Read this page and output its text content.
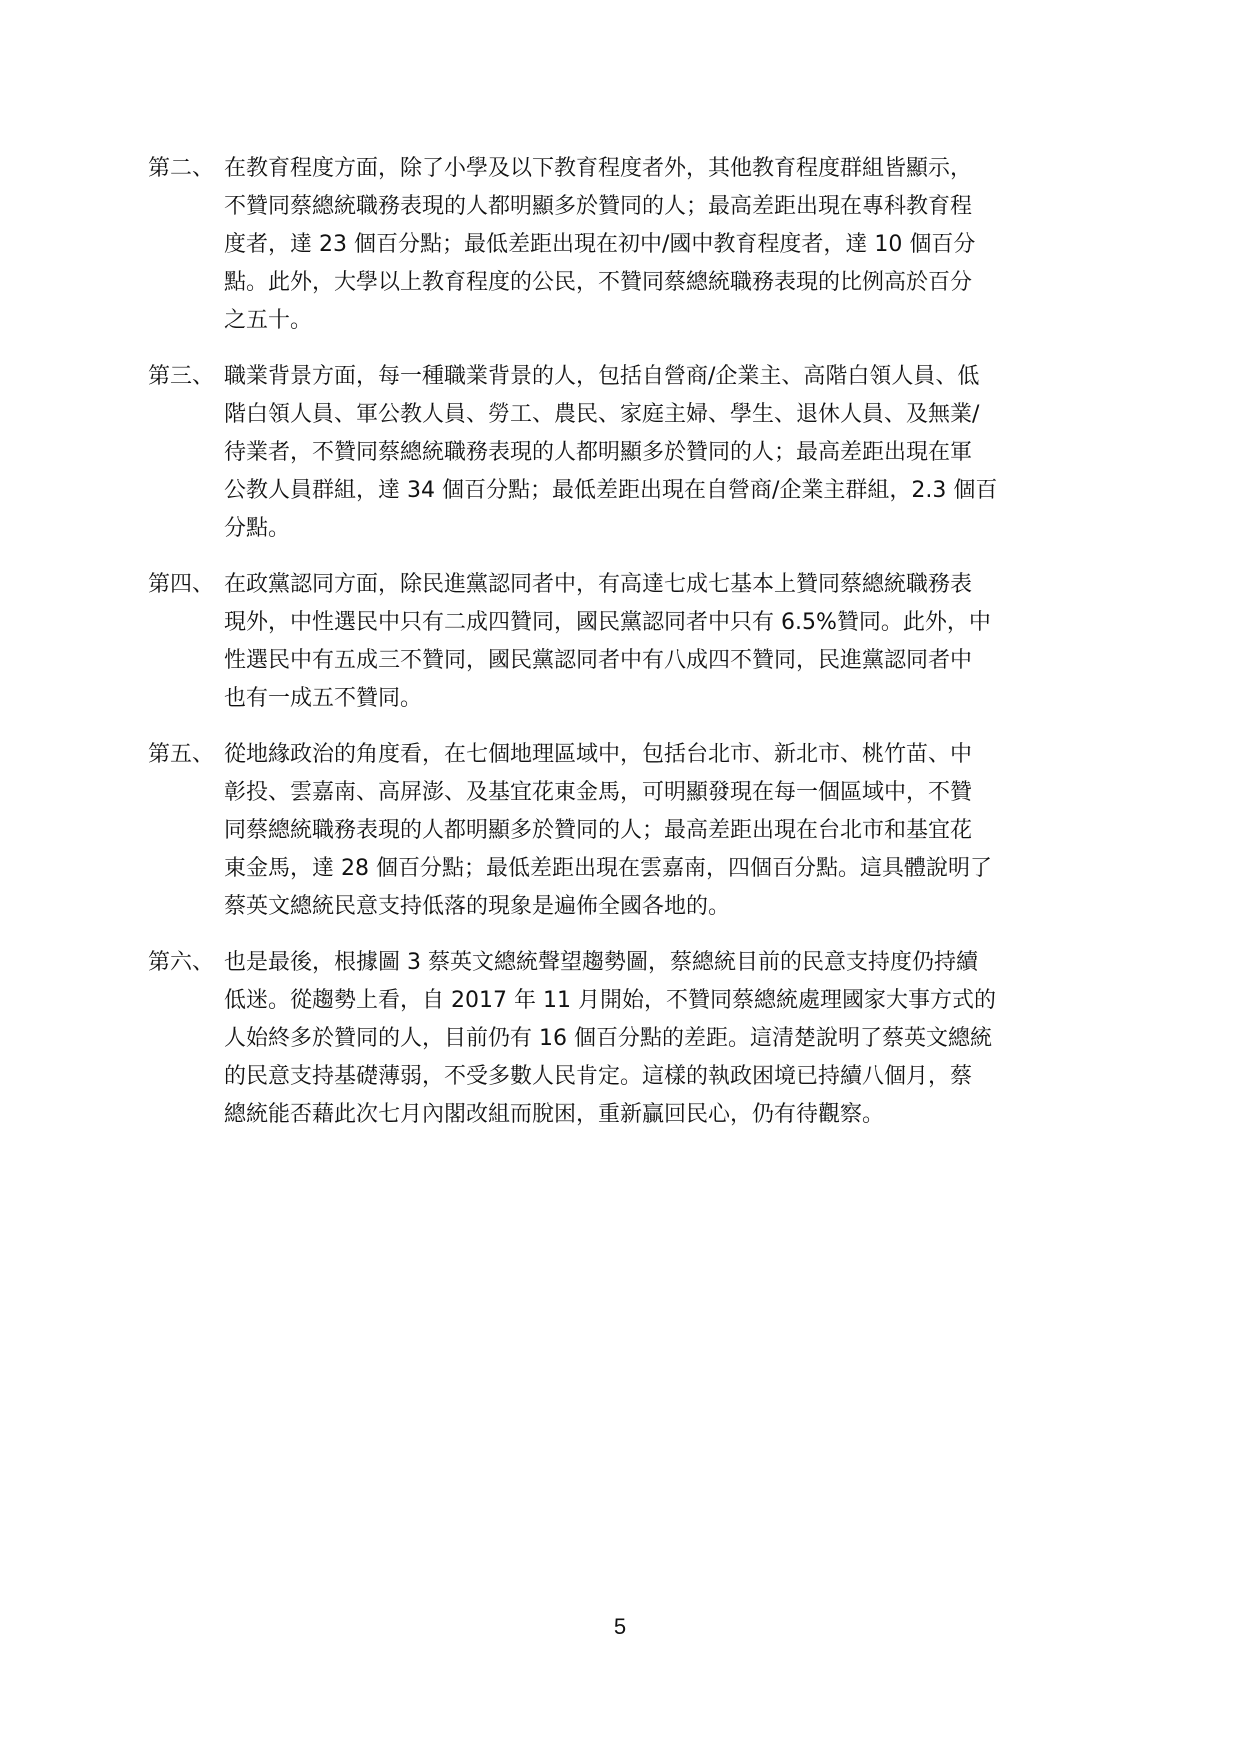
第二、 在教育程度方面，除了小學及以下教育程度者外，其他教育程度群組皆顯示，
不贊同蔡總統職務表現的人都明顯多於贊同的人；最高差距出現在專科教育程
度者，達 23 個百分點；最低差距出現在初中/國中教育程度者，達 10 個百分
點。此外，大學以上教育程度的公民，不贊同蔡總統職務表現的比例高於百分
之五十。
第三、 職業背景方面，每一種職業背景的人，包括自營商/企業主、高階白領人員、低
階白領人員、軍公教人員、勞工、農民、家庭主婦、學生、退休人員、及無業/
待業者，不贊同蔡總統職務表現的人都明顯多於贊同的人；最高差距出現在軍
公教人員群組，達 34 個百分點；最低差距出現在自營商/企業主群組，2.3 個百
分點。
第四、 在政黨認同方面，除民進黨認同者中，有高達七成七基本上贊同蔡總統職務表
現外，中性選民中只有二成四贊同，國民黨認同者中只有 6.5%贊同。此外，中
性選民中有五成三不贊同，國民黨認同者中有八成四不贊同，民進黨認同者中
也有一成五不贊同。
第五、 從地緣政治的角度看，在七個地理區域中，包括台北市、新北市、桃竹苗、中
彰投、雲嘉南、高屏澎、及基宜花東金馬，可明顯發現在每一個區域中，不贊
同蔡總統職務表現的人都明顯多於贊同的人；最高差距出現在台北市和基宜花
東金馬，達 28 個百分點；最低差距出現在雲嘉南，四個百分點。這具體說明了
蔡英文總統民意支持低落的現象是遍佈全國各地的。
第六、 也是最後，根據圖 3 蔡英文總統聲望趨勢圖，蔡總統目前的民意支持度仍持續
低迷。從趨勢上看，自 2017 年 11 月開始，不贊同蔡總統處理國家大事方式的
人始終多於贊同的人，目前仍有 16 個百分點的差距。這清楚說明了蔡英文總統
的民意支持基礎薄弱，不受多數人民肯定。這樣的執政困境已持續八個月，蔡
總統能否藉此次七月內閣改組而脫困，重新贏回民心，仍有待觀察。
5
